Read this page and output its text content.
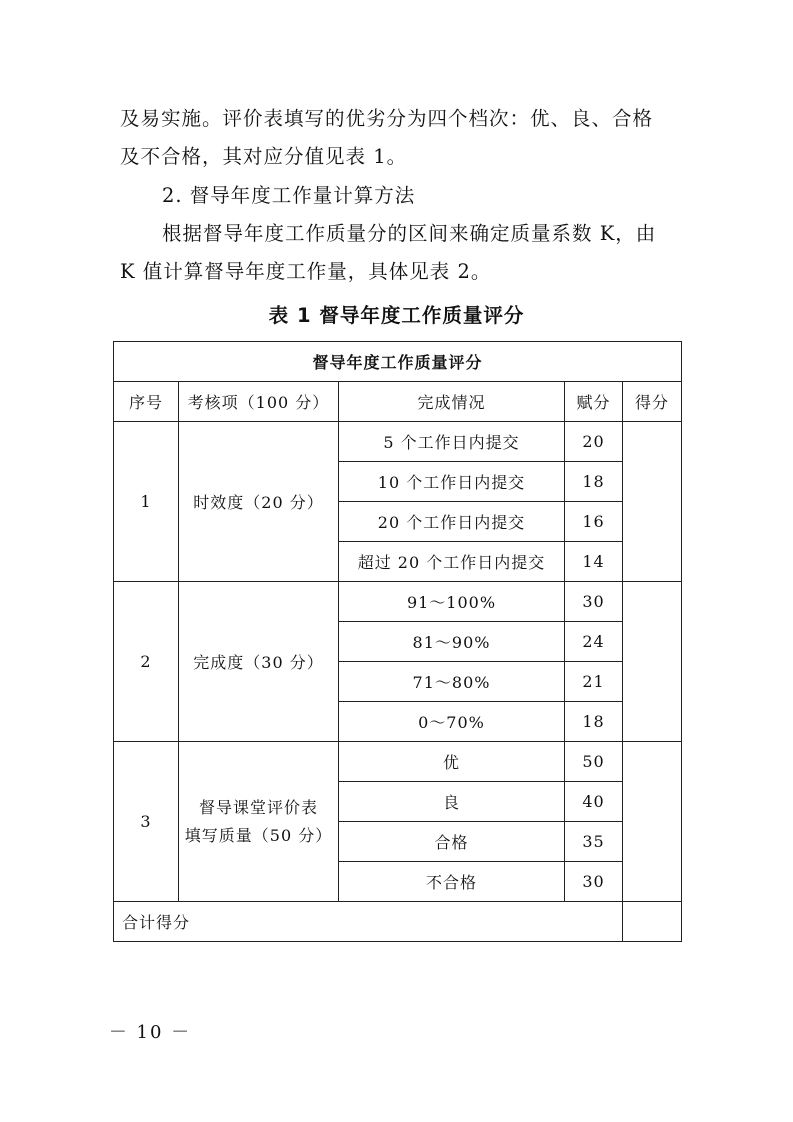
及易实施。评价表填写的优劣分为四个档次：优、良、合格
及不合格，其对应分值见表 1。

2. 督导年度工作量计算方法

根据督导年度工作质量分的区间来确定质量系数 K，由
K 值计算督导年度工作量，具体见表 2。

表 1 督导年度工作质量评分

督导年度工作质量评分				
序号	考核项（100 分）	完成情况	赋分	得分
1	时效度（20 分）	5 个工作日内提交	20	
		10 个工作日内提交	18	
		20 个工作日内提交	16	
		超过 20 个工作日内提交	14	
2	完成度（30 分）	91～100%	30	
		81～90%	24	
		71～80%	21	
		0～70%	18	
3	督导课堂评价表
填写质量（50 分）	优	50	
		良	40	
		合格	35	
		不合格	30	
合计得分				

－ 10 －
